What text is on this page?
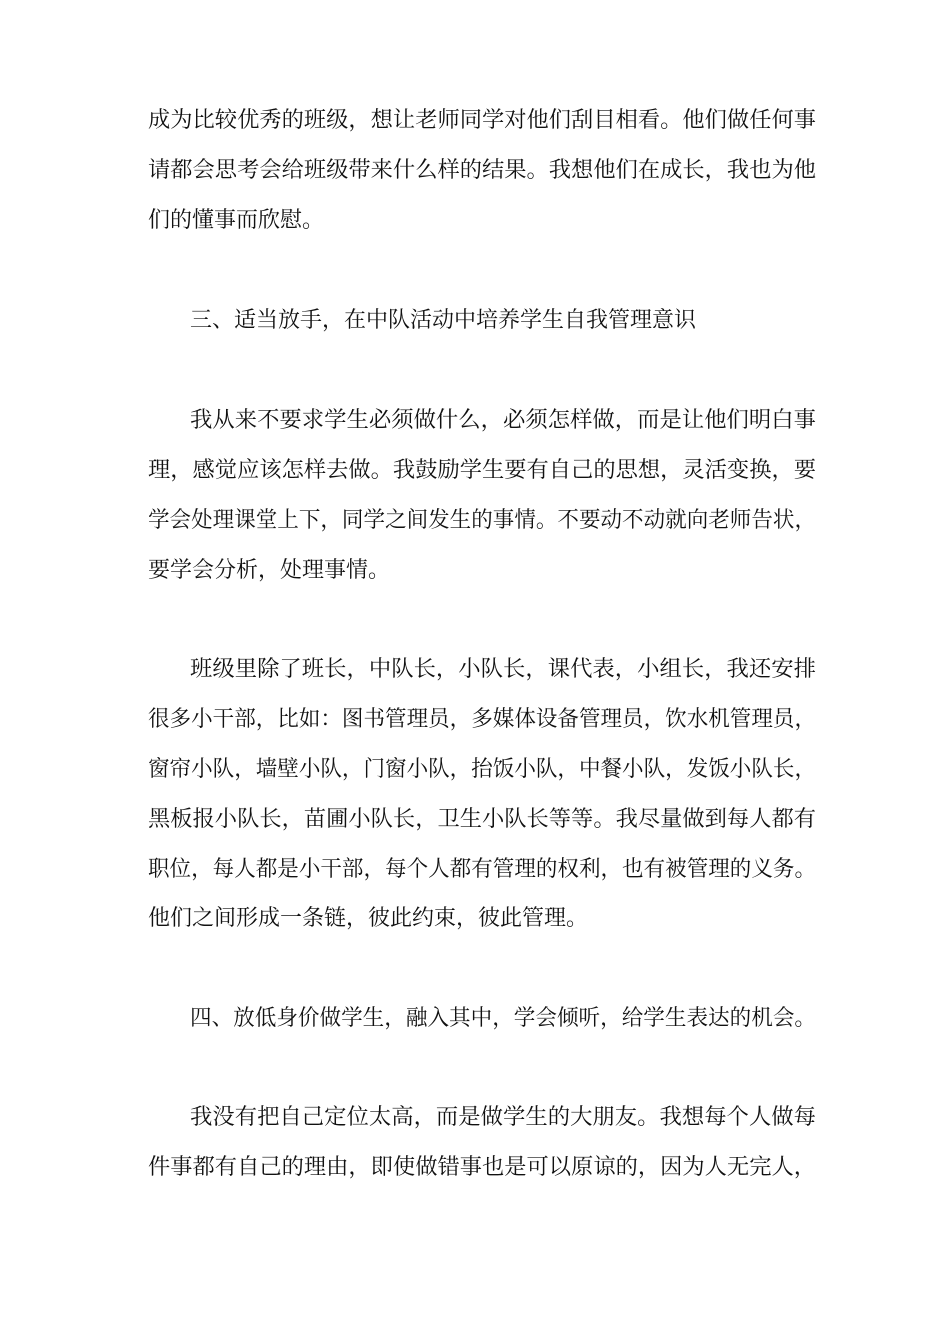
成为比较优秀的班级，想让老师同学对他们刮目相看。他们做任何事
请都会思考会给班级带来什么样的结果。我想他们在成长，我也为他
们的懂事而欣慰。
三、适当放手，在中队活动中培养学生自我管理意识
我从来不要求学生必须做什么，必须怎样做，而是让他们明白事
理，感觉应该怎样去做。我鼓励学生要有自己的思想，灵活变换，要
学会处理课堂上下，同学之间发生的事情。不要动不动就向老师告状，
要学会分析，处理事情。
班级里除了班长，中队长，小队长，课代表，小组长，我还安排
很多小干部，比如：图书管理员，多媒体设备管理员，饮水机管理员，
窗帘小队，墙壁小队，门窗小队，抬饭小队，中餐小队，发饭小队长，
黑板报小队长，苗圃小队长，卫生小队长等等。我尽量做到每人都有
职位，每人都是小干部，每个人都有管理的权利，也有被管理的义务。
他们之间形成一条链，彼此约束，彼此管理。
四、放低身价做学生，融入其中，学会倾听，给学生表达的机会。
我没有把自己定位太高，而是做学生的大朋友。我想每个人做每
件事都有自己的理由，即使做错事也是可以原谅的，因为人无完人，
